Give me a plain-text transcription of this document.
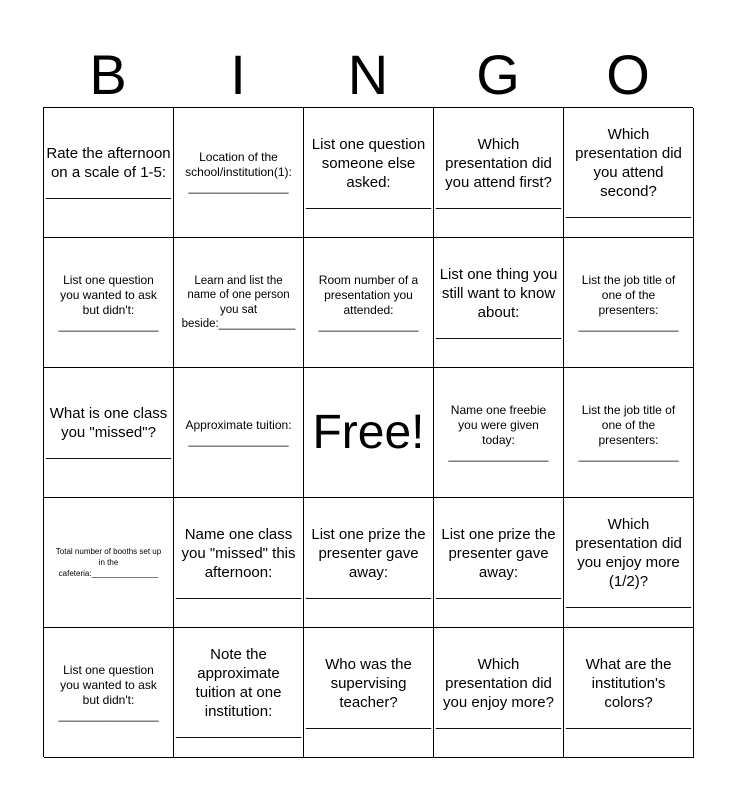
B	I	N	G	O
Rate the afternoon on a scale of 1-5:
_______________
Location of the school/institution(1):
_______________
List one question someone else asked:
_______________
Which presentation did you attend first?
_______________
Which presentation did you attend second?
_______________
List one question you wanted to ask but didn't:
_______________
Learn and list the name of one person you sat beside:____________
Room number of a presentation you attended:
_______________
List one thing you still want to know about:
_______________
List the job title of one of the presenters:
_______________
What is one class you "missed"?
_______________
Approximate tuition:
_______________ Free!	Name one freebie you were given today:
_______________
List the job title of one of the presenters:
_______________
Total number of booths set up in the cafeteria:_______________
Name one class you "missed" this afternoon:
_______________
List one prize the presenter gave away:
_______________
List one prize the presenter gave away:
_______________
Which presentation did you enjoy more (1/2)?
_______________
List one question you wanted to ask but didn't:
_______________
Note the approximate tuition at one institution:
_______________
Who was the supervising teacher?
_______________
Which presentation did you enjoy more?
_______________
What are the institution's colors?
_______________
